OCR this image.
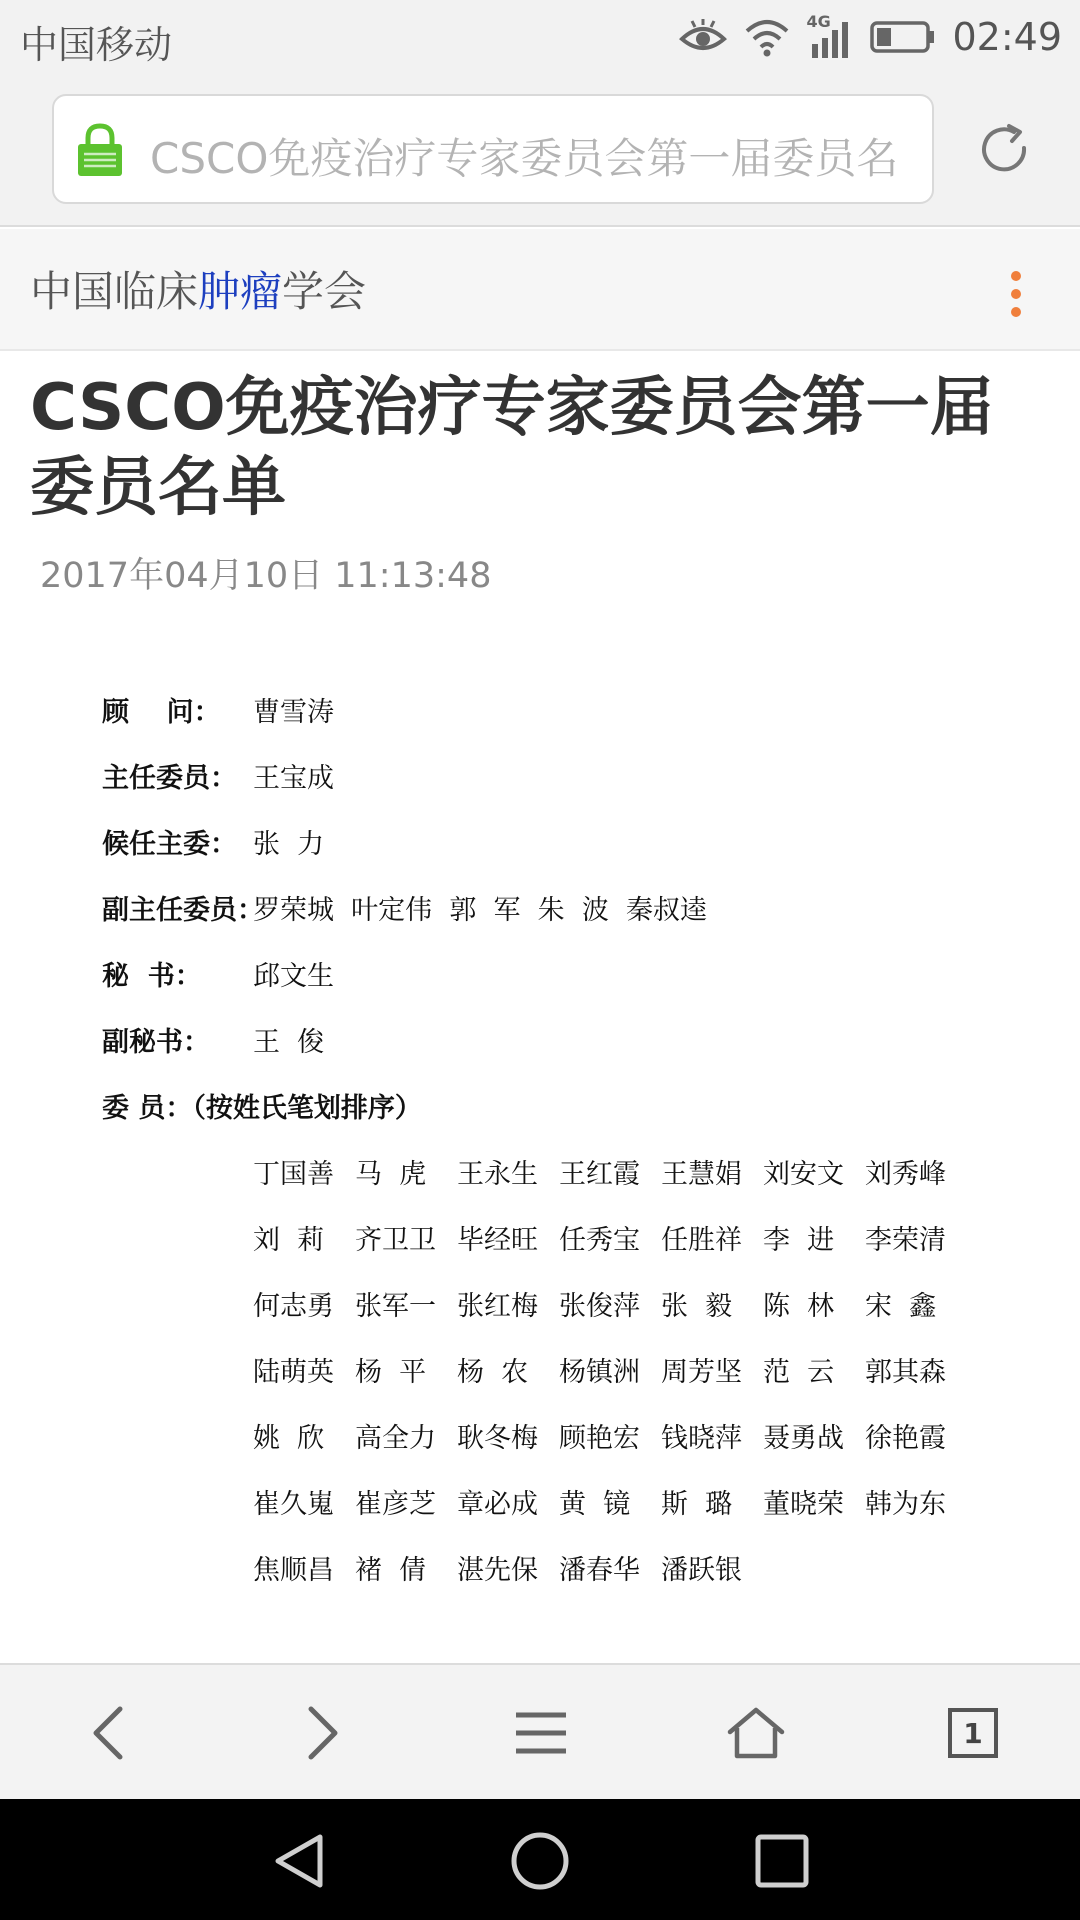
中国移动
4G	02:49
CSCO免疫治疗专家委员会第一届委员名
中国临床肿瘤学会
CSCO免疫治疗专家委员会第一届委员名单
2017年04月10日 11:13:48
顾    问： 曹雪涛
主任委员： 王宝成
候任主委： 张  力
副主任委员：
罗荣城  叶定伟  郭  军  朱  波  秦叔逵
秘  书： 邱文生
副秘书： 王  俊
委 员：（按姓氏笔划排序）
丁国善 马  虎 王永生 王红霞 王慧娟 刘安文 刘秀峰
刘  莉 齐卫卫 毕经旺 任秀宝 任胜祥 李  进 李荣清
何志勇 张军一 张红梅 张俊萍 张  毅 陈  林 宋  鑫
陆萌英 杨  平 杨  农 杨镇洲 周芳坚 范  云 郭其森
姚  欣 高全力 耿冬梅 顾艳宏 钱晓萍 聂勇战 徐艳霞
崔久嵬 崔彦芝 章必成 黄  镜 斯  璐 董晓荣 韩为东
焦顺昌 褚  倩 湛先保 潘春华 潘跃银
1
